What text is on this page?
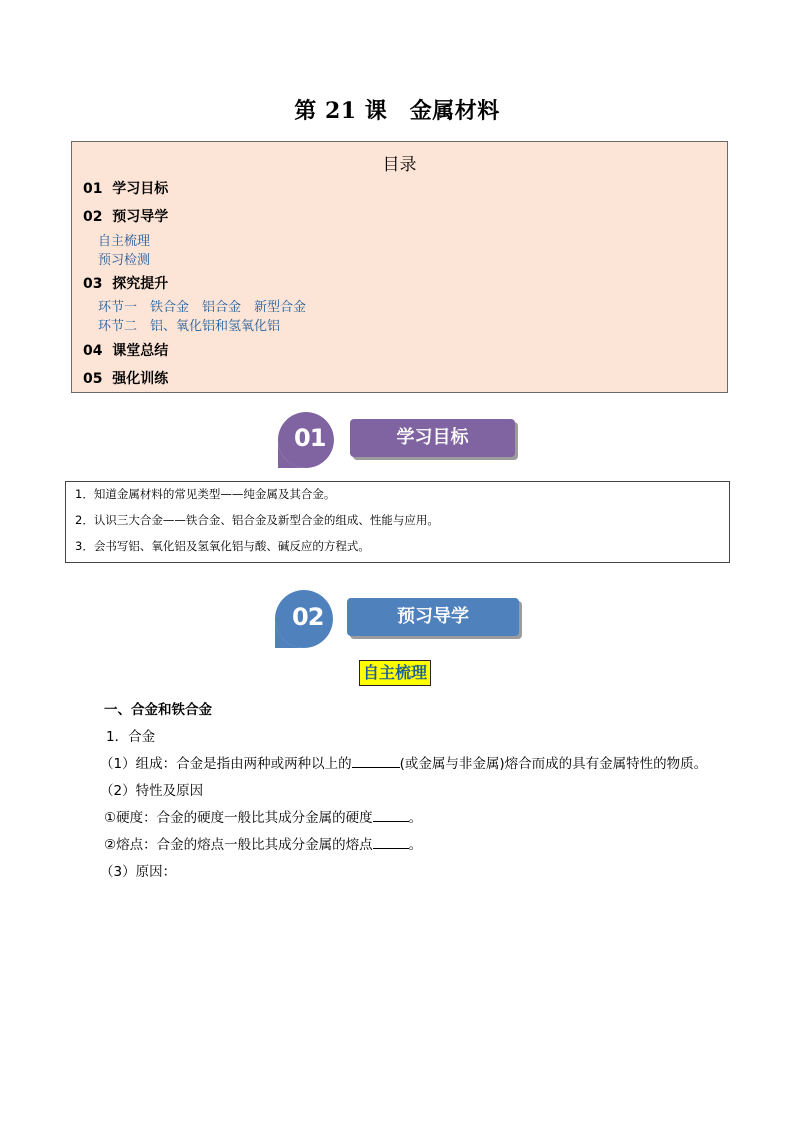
第 21 课　金属材料
目录
01 学习目标
02 预习导学
自主梳理
预习检测
03 探究提升
环节一　铁合金　铝合金　新型合金
环节二　铝、氧化铝和氢氧化铝
04 课堂总结
05 强化训练
学习目标
01
1．知道金属材料的常见类型——纯金属及其合金。
2．认识三大合金——铁合金、铝合金及新型合金的组成、性能与应用。
3．会书写铝、氧化铝及氢氧化铝与酸、碱反应的方程式。
预习导学
02
自主梳理
一、合金和铁合金
1．合金
（1）组成：合金是指由两种或两种以上的	(或金属与非金属)熔合而成的具有金属特性的物质。
（2）特性及原因
①硬度：合金的硬度一般比其成分金属的硬度	。
②熔点：合金的熔点一般比其成分金属的熔点	。
（3）原因：
